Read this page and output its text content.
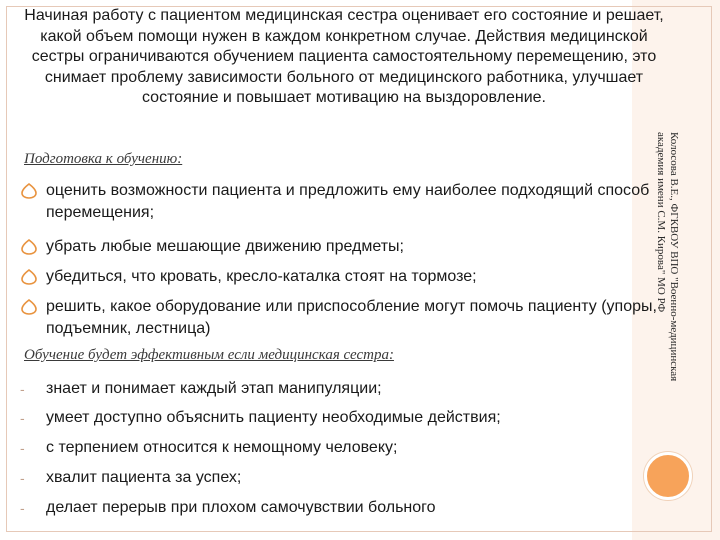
Начиная работу с пациентом медицинская сестра оценивает его состояние и решает, какой объем помощи нужен в каждом конкретном случае. Действия медицинской сестры ограничиваются обучением пациента самостоятельному перемещению, это снимает проблему зависимости больного от медицинского работника, улучшает состояние и повышает мотивацию на выздоровление.

Подготовка к обучению:

оценить возможности пациента и предложить ему наиболее подходящий способ перемещения;
убрать любые мешающие движению предметы;
убедиться, что кровать, кресло-каталка стоят на тормозе;
решить, какое оборудование или приспособление могут помочь пациенту (упоры, подъемник, лестница)

Обучение будет эффективным если медицинская сестра:

-	знает и понимает каждый этап манипуляции;
-	умеет доступно объяснить пациенту необходимые действия;
-	с терпением относится к немощному человеку;
-	хвалит пациента за успех;
-	делает перерыв при плохом самочувствии больного
Колосова В.Е., ФГКВОУ ВПО "Военно-медицинская
академия имени С.М. Кирова" МО РФ
